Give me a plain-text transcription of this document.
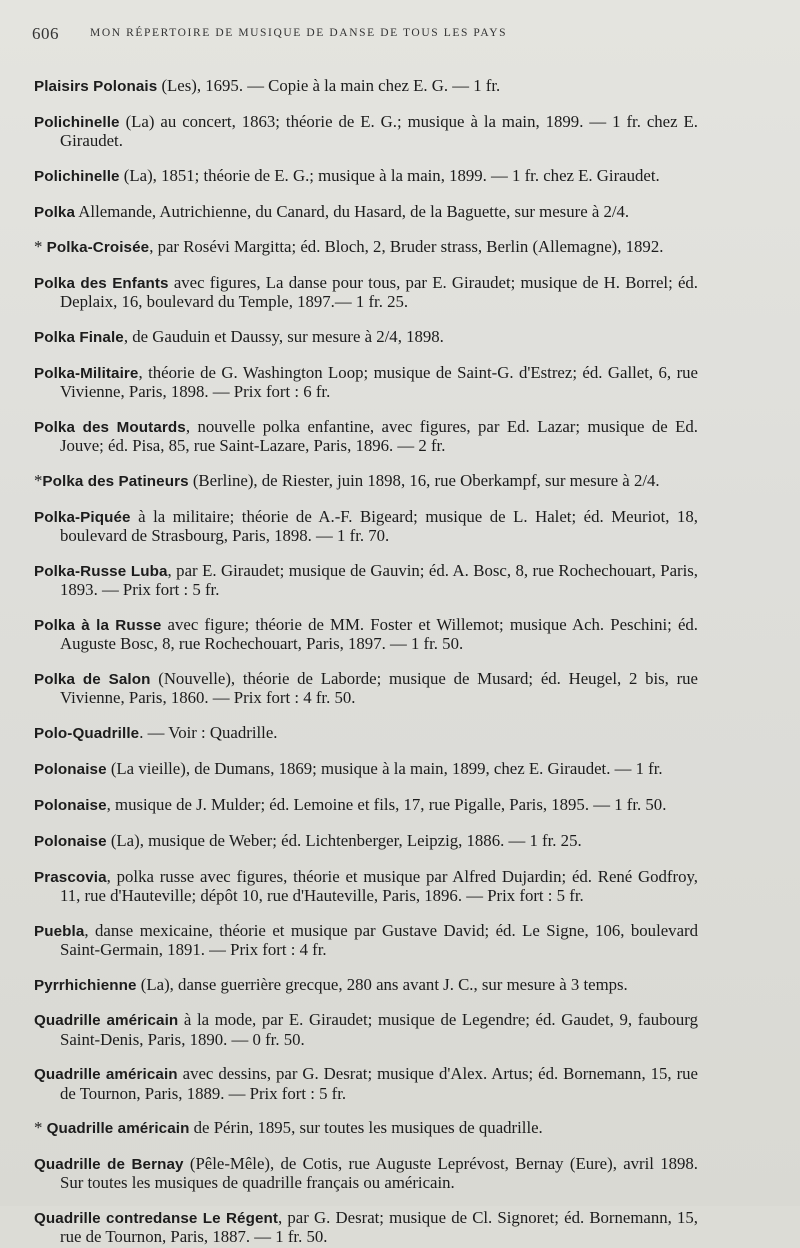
606	MON RÉPERTOIRE DE MUSIQUE DE DANSE DE TOUS LES PAYS

Plaisirs Polonais (Les), 1695. — Copie à la main chez E. G. — 1 fr.

Polichinelle (La) au concert, 1863; théorie de E. G.; musique à la main, 1899. — 1 fr. chez E. Giraudet.

Polichinelle (La), 1851; théorie de E. G.; musique à la main, 1899. — 1 fr. chez E. Giraudet.

Polka Allemande, Autrichienne, du Canard, du Hasard, de la Baguette, sur mesure à 2/4.

* Polka-Croisée, par Rosévi Margitta; éd. Bloch, 2, Bruder strass, Berlin (Allemagne), 1892.

Polka des Enfants avec figures, La danse pour tous, par E. Giraudet; musique de H. Borrel; éd. Deplaix, 16, boulevard du Temple, 1897.— 1 fr. 25.

Polka Finale, de Gauduin et Daussy, sur mesure à 2/4, 1898.

Polka-Militaire, théorie de G. Washington Loop; musique de Saint-G. d'Estrez; éd. Gallet, 6, rue Vivienne, Paris, 1898. — Prix fort : 6 fr.

Polka des Moutards, nouvelle polka enfantine, avec figures, par Ed. Lazar; musique de Ed. Jouve; éd. Pisa, 85, rue Saint-Lazare, Paris, 1896. — 2 fr.

*Polka des Patineurs (Berline), de Riester, juin 1898, 16, rue Oberkampf, sur mesure à 2/4.

Polka-Piquée à la militaire; théorie de A.-F. Bigeard; musique de L. Halet; éd. Meuriot, 18, boulevard de Strasbourg, Paris, 1898. — 1 fr. 70.

Polka-Russe Luba, par E. Giraudet; musique de Gauvin; éd. A. Bosc, 8, rue Rochechouart, Paris, 1893. — Prix fort : 5 fr.

Polka à la Russe avec figure; théorie de MM. Foster et Willemot; musique Ach. Peschini; éd. Auguste Bosc, 8, rue Rochechouart, Paris, 1897. — 1 fr. 50.

Polka de Salon (Nouvelle), théorie de Laborde; musique de Musard; éd. Heugel, 2 bis, rue Vivienne, Paris, 1860. — Prix fort : 4 fr. 50.

Polo-Quadrille. — Voir : Quadrille.

Polonaise (La vieille), de Dumans, 1869; musique à la main, 1899, chez E. Giraudet. — 1 fr.

Polonaise, musique de J. Mulder; éd. Lemoine et fils, 17, rue Pigalle, Paris, 1895. — 1 fr. 50.

Polonaise (La), musique de Weber; éd. Lichtenberger, Leipzig, 1886. — 1 fr. 25.

Prascovia, polka russe avec figures, théorie et musique par Alfred Dujardin; éd. René Godfroy, 11, rue d'Hauteville; dépôt 10, rue d'Hauteville, Paris, 1896. — Prix fort : 5 fr.

Puebla, danse mexicaine, théorie et musique par Gustave David; éd. Le Signe, 106, boulevard Saint-Germain, 1891. — Prix fort : 4 fr.

Pyrrhichienne (La), danse guerrière grecque, 280 ans avant J. C., sur mesure à 3 temps.

Quadrille américain à la mode, par E. Giraudet; musique de Legendre; éd. Gaudet, 9, faubourg Saint-Denis, Paris, 1890. — 0 fr. 50.

Quadrille américain avec dessins, par G. Desrat; musique d'Alex. Artus; éd. Bornemann, 15, rue de Tournon, Paris, 1889. — Prix fort : 5 fr.

* Quadrille américain de Périn, 1895, sur toutes les musiques de quadrille.

Quadrille de Bernay (Pêle-Mêle), de Cotis, rue Auguste Leprévost, Bernay (Eure), avril 1898. Sur toutes les musiques de quadrille français ou américain.

Quadrille contredanse Le Régent, par G. Desrat; musique de Cl. Signoret; éd. Bornemann, 15, rue de Tournon, Paris, 1887. — 1 fr. 50.
